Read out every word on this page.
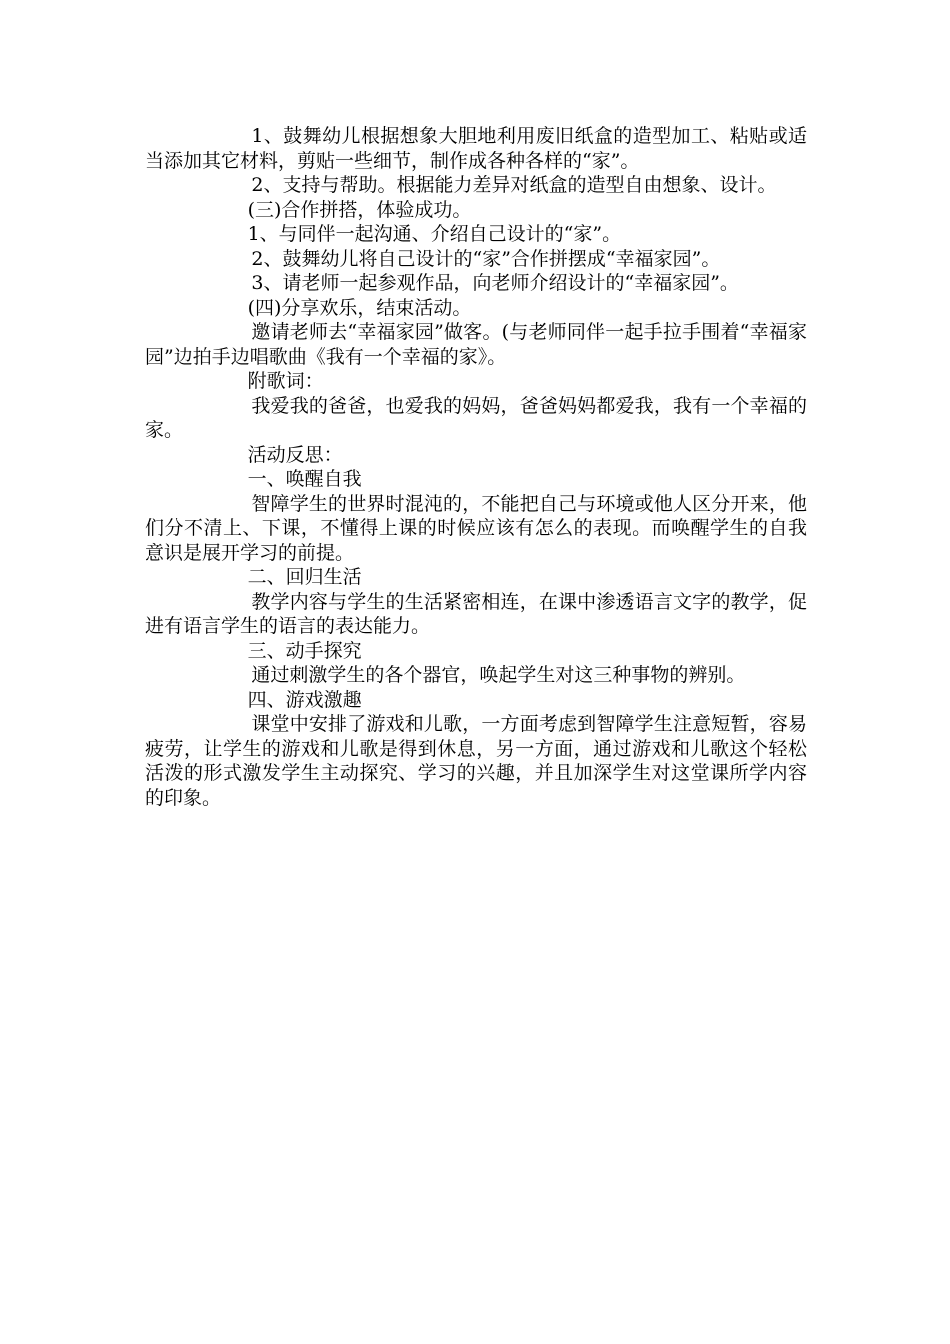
1、鼓舞幼儿根据想象大胆地利用废旧纸盒的造型加工、粘贴或适当添加其它材料，剪贴一些细节，制作成各种各样的“家”。

2、支持与帮助。根据能力差异对纸盒的造型自由想象、设计。

(三)合作拼搭，体验成功。

1、与同伴一起沟通、介绍自己设计的“家”。

2、鼓舞幼儿将自己设计的“家”合作拼摆成“幸福家园”。

3、请老师一起参观作品，向老师介绍设计的“幸福家园”。

(四)分享欢乐，结束活动。

邀请老师去“幸福家园”做客。(与老师同伴一起手拉手围着“幸福家园”边拍手边唱歌曲《我有一个幸福的家》。

附歌词：

我爱我的爸爸，也爱我的妈妈，爸爸妈妈都爱我，我有一个幸福的家。

活动反思：

一、唤醒自我

智障学生的世界时混沌的，不能把自己与环境或他人区分开来，他们分不清上、下课，不懂得上课的时候应该有怎么的表现。而唤醒学生的自我意识是展开学习的前提。

二、回归生活

教学内容与学生的生活紧密相连，在课中渗透语言文字的教学，促进有语言学生的语言的表达能力。

三、动手探究

通过刺激学生的各个器官，唤起学生对这三种事物的辨别。

四、游戏激趣

课堂中安排了游戏和儿歌，一方面考虑到智障学生注意短暂，容易疲劳，让学生的游戏和儿歌是得到休息，另一方面，通过游戏和儿歌这个轻松活泼的形式激发学生主动探究、学习的兴趣，并且加深学生对这堂课所学内容的印象。
